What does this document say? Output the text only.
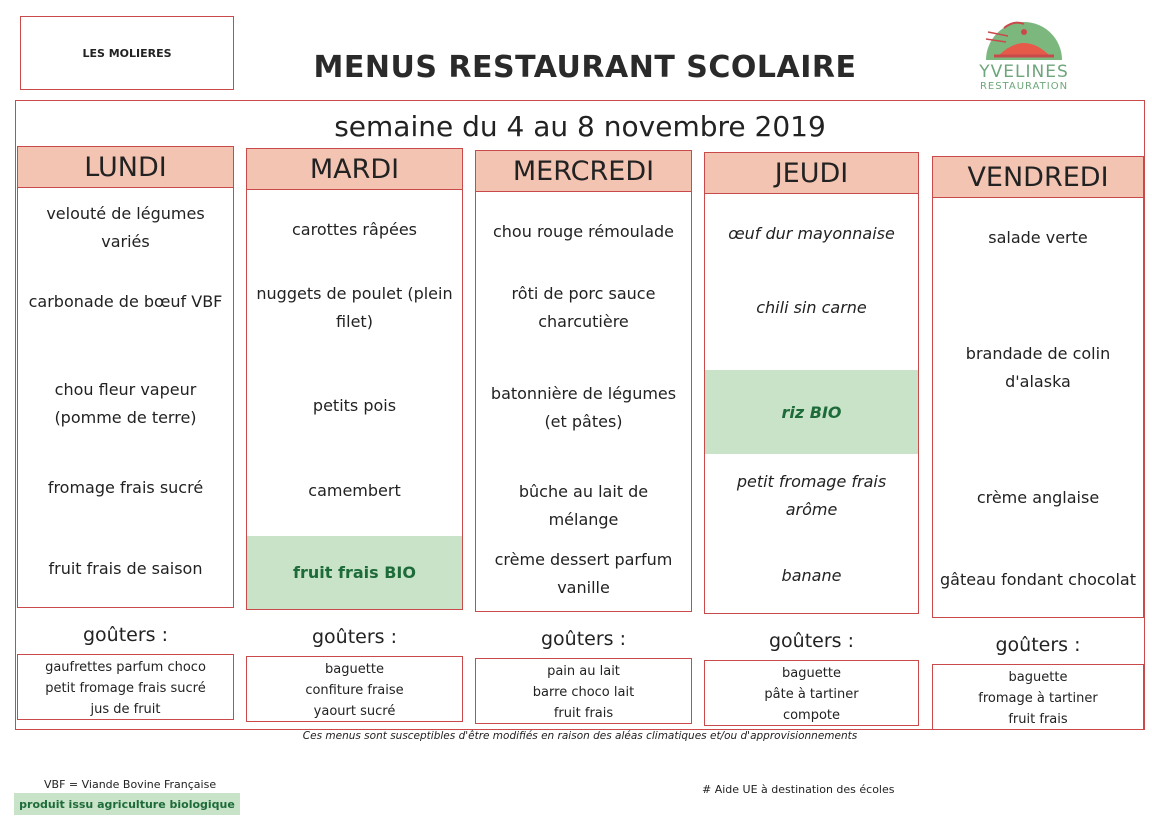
LES MOLIERES	MENUS RESTAURANT SCOLAIRE	YVELINES
RESTAURATION
semaine du 4 au 8 novembre 2019
LUNDI
velouté de légumes variés
carbonade de bœuf VBF
chou fleur vapeur (pomme de terre)
fromage frais sucré
fruit frais de saison
goûters :
gaufrettes parfum choco
petit fromage frais sucré
jus de fruit
MARDI
carottes râpées
nuggets de poulet (plein filet)
petits pois
camembert
fruit frais BIO
goûters :
baguette
confiture fraise
yaourt sucré
MERCREDI
chou rouge rémoulade
rôti de porc sauce charcutière
batonnière de légumes (et pâtes)
bûche au lait de mélange
crème dessert parfum vanille
goûters :
pain au lait
barre choco lait
fruit frais
JEUDI
œuf dur mayonnaise
chili sin carne
riz BIO
petit fromage frais arôme
banane
goûters :
baguette
pâte à tartiner
compote
VENDREDI
salade verte
brandade de colin d'alaska
crème anglaise
gâteau fondant chocolat
goûters :
baguette
fromage à tartiner
fruit frais
Ces menus sont susceptibles d'être modifiés en raison des aléas climatiques et/ou d'approvisionnements
VBF = Viande Bovine Française
produit issu agriculture biologique
# Aide UE à destination des écoles
